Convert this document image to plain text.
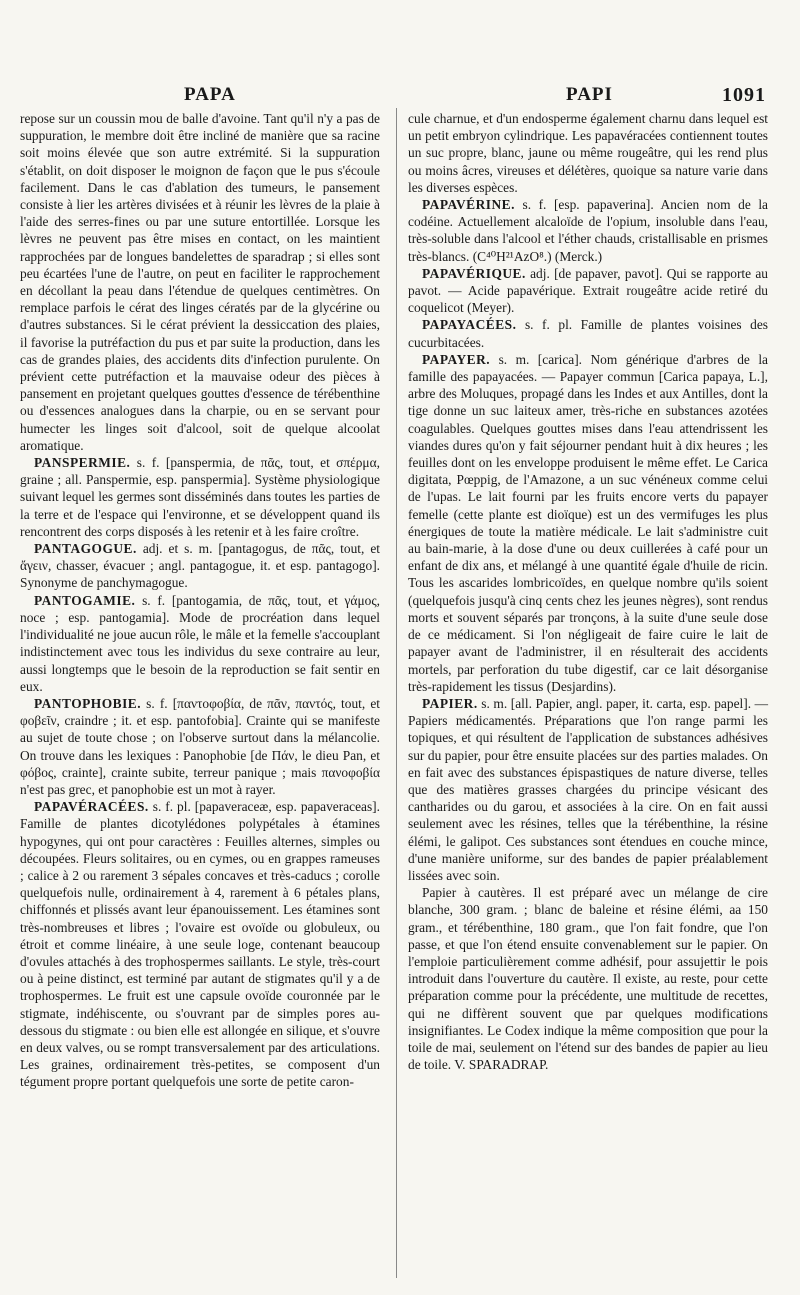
PAPA	PAPI	1091

repose sur un coussin mou de balle d'avoine. Tant qu'il n'y a pas de suppuration, le membre doit être incliné de manière que sa racine soit moins élevée que son autre extrémité. Si la suppuration s'établit, on doit disposer le moignon de façon que le pus s'écoule facilement. Dans le cas d'ablation des tumeurs, le pansement consiste à lier les artères divisées et à réunir les lèvres de la plaie à l'aide des serres-fines ou par une suture entortillée. Lorsque les lèvres ne peuvent pas être mises en contact, on les maintient rapprochées par de longues bandelettes de sparadrap ; si elles sont peu écartées l'une de l'autre, on peut en faciliter le rapprochement en décollant la peau dans l'étendue de quelques centimètres. On remplace parfois le cérat des linges cératés par de la glycérine ou d'autres substances. Si le cérat prévient la dessiccation des plaies, il favorise la putréfaction du pus et par suite la production, dans les cas de grandes plaies, des accidents dits d'infection purulente. On prévient cette putréfaction et la mauvaise odeur des pièces à pansement en projetant quelques gouttes d'essence de térébenthine ou d'essences analogues dans la charpie, ou en se servant pour humecter les linges soit d'alcool, soit de quelque alcoolat aromatique.

PANSPERMIE. s. f. [panspermia, de πᾶς, tout, et σπέρμα, graine ; all. Panspermie, esp. panspermia]. Système physiologique suivant lequel les germes sont disséminés dans toutes les parties de la terre et de l'espace qui l'environne, et se développent quand ils rencontrent des corps disposés à les retenir et à les faire croître.

PANTAGOGUE. adj. et s. m. [pantagogus, de πᾶς, tout, et ἄγειν, chasser, évacuer ; angl. pantagogue, it. et esp. pantagogo]. Synonyme de panchymagogue.

PANTOGAMIE. s. f. [pantogamia, de πᾶς, tout, et γάμος, noce ; esp. pantogamia]. Mode de procréation dans lequel l'individualité ne joue aucun rôle, le mâle et la femelle s'accouplant indistinctement avec tous les individus du sexe contraire au leur, aussi longtemps que le besoin de la reproduction se fait sentir en eux.

PANTOPHOBIE. s. f. [παντοφοβία, de πᾶν, παντός, tout, et φοβεῖν, craindre ; it. et esp. pantofobia]. Crainte qui se manifeste au sujet de toute chose ; on l'observe surtout dans la mélancolie. On trouve dans les lexiques : Panophobie [de Πάν, le dieu Pan, et φόβος, crainte], crainte subite, terreur panique ; mais πανοφοβία n'est pas grec, et panophobie est un mot à rayer.

PAPAVÉRACÉES. s. f. pl. [papaveraceæ, esp. papaveraceas]. Famille de plantes dicotylédones polypétales à étamines hypogynes, qui ont pour caractères : Feuilles alternes, simples ou découpées. Fleurs solitaires, ou en cymes, ou en grappes rameuses ; calice à 2 ou rarement 3 sépales concaves et très-caducs ; corolle quelquefois nulle, ordinairement à 4, rarement à 6 pétales plans, chiffonnés et plissés avant leur épanouissement. Les étamines sont très-nombreuses et libres ; l'ovaire est ovoïde ou globuleux, ou étroit et comme linéaire, à une seule loge, contenant beaucoup d'ovules attachés à des trophospermes saillants. Le style, très-court ou à peine distinct, est terminé par autant de stigmates qu'il y a de trophospermes. Le fruit est une capsule ovoïde couronnée par le stigmate, indéhiscente, ou s'ouvrant par de simples pores au-dessous du stigmate : ou bien elle est allongée en silique, et s'ouvre en deux valves, ou se rompt transversalement par des articulations. Les graines, ordinairement très-petites, se composent d'un tégument propre portant quelquefois une sorte de petite caron-

cule charnue, et d'un endosperme également charnu dans lequel est un petit embryon cylindrique. Les papavéracées contiennent toutes un suc propre, blanc, jaune ou même rougeâtre, qui les rend plus ou moins âcres, vireuses et délétères, quoique sa nature varie dans les diverses espèces.

PAPAVÉRINE. s. f. [esp. papaverina]. Ancien nom de la codéine. Actuellement alcaloïde de l'opium, insoluble dans l'eau, très-soluble dans l'alcool et l'éther chauds, cristallisable en prismes très-blancs. (C⁴⁰H²¹AzO⁸.) (Merck.)

PAPAVÉRIQUE. adj. [de papaver, pavot]. Qui se rapporte au pavot. — Acide papavérique. Extrait rougeâtre acide retiré du coquelicot (Meyer).

PAPAYACÉES. s. f. pl. Famille de plantes voisines des cucurbitacées.

PAPAYER. s. m. [carica]. Nom générique d'arbres de la famille des papayacées. — Papayer commun [Carica papaya, L.], arbre des Moluques, propagé dans les Indes et aux Antilles, dont la tige donne un suc laiteux amer, très-riche en substances azotées coagulables. Quelques gouttes mises dans l'eau attendrissent les viandes dures qu'on y fait séjourner pendant huit à dix heures ; les feuilles dont on les enveloppe produisent le même effet. Le Carica digitata, Pœppig, de l'Amazone, a un suc vénéneux comme celui de l'upas. Le lait fourni par les fruits encore verts du papayer femelle (cette plante est dioïque) est un des vermifuges les plus énergiques de toute la matière médicale. Le lait s'administre cuit au bain-marie, à la dose d'une ou deux cuillerées à café pour un enfant de dix ans, et mélangé à une quantité égale d'huile de ricin. Tous les ascarides lombricoïdes, en quelque nombre qu'ils soient (quelquefois jusqu'à cinq cents chez les jeunes nègres), sont rendus morts et souvent séparés par tronçons, à la suite d'une seule dose de ce médicament. Si l'on négligeait de faire cuire le lait de papayer avant de l'administrer, il en résulterait des accidents mortels, par perforation du tube digestif, car ce lait désorganise très-rapidement les tissus (Desjardins).

PAPIER. s. m. [all. Papier, angl. paper, it. carta, esp. papel]. — Papiers médicamentés. Préparations que l'on range parmi les topiques, et qui résultent de l'application de substances adhésives sur du papier, pour être ensuite placées sur des parties malades. On en fait avec des substances épispastiques de nature diverse, telles que des matières grasses chargées du principe vésicant des cantharides ou du garou, et associées à la cire. On en fait aussi seulement avec les résines, telles que la térébenthine, la résine élémi, le galipot. Ces substances sont étendues en couche mince, d'une manière uniforme, sur des bandes de papier préalablement lissées avec soin.

Papier à cautères. Il est préparé avec un mélange de cire blanche, 300 gram. ; blanc de baleine et résine élémi, aa 150 gram., et térébenthine, 180 gram., que l'on fait fondre, que l'on passe, et que l'on étend ensuite convenablement sur le papier. On l'emploie particulièrement comme adhésif, pour assujettir le pois introduit dans l'ouverture du cautère. Il existe, au reste, pour cette préparation comme pour la précédente, une multitude de recettes, qui ne diffèrent souvent que par quelques modifications insignifiantes. Le Codex indique la même composition que pour la toile de mai, seulement on l'étend sur des bandes de papier au lieu de toile. V. SPARADRAP.
